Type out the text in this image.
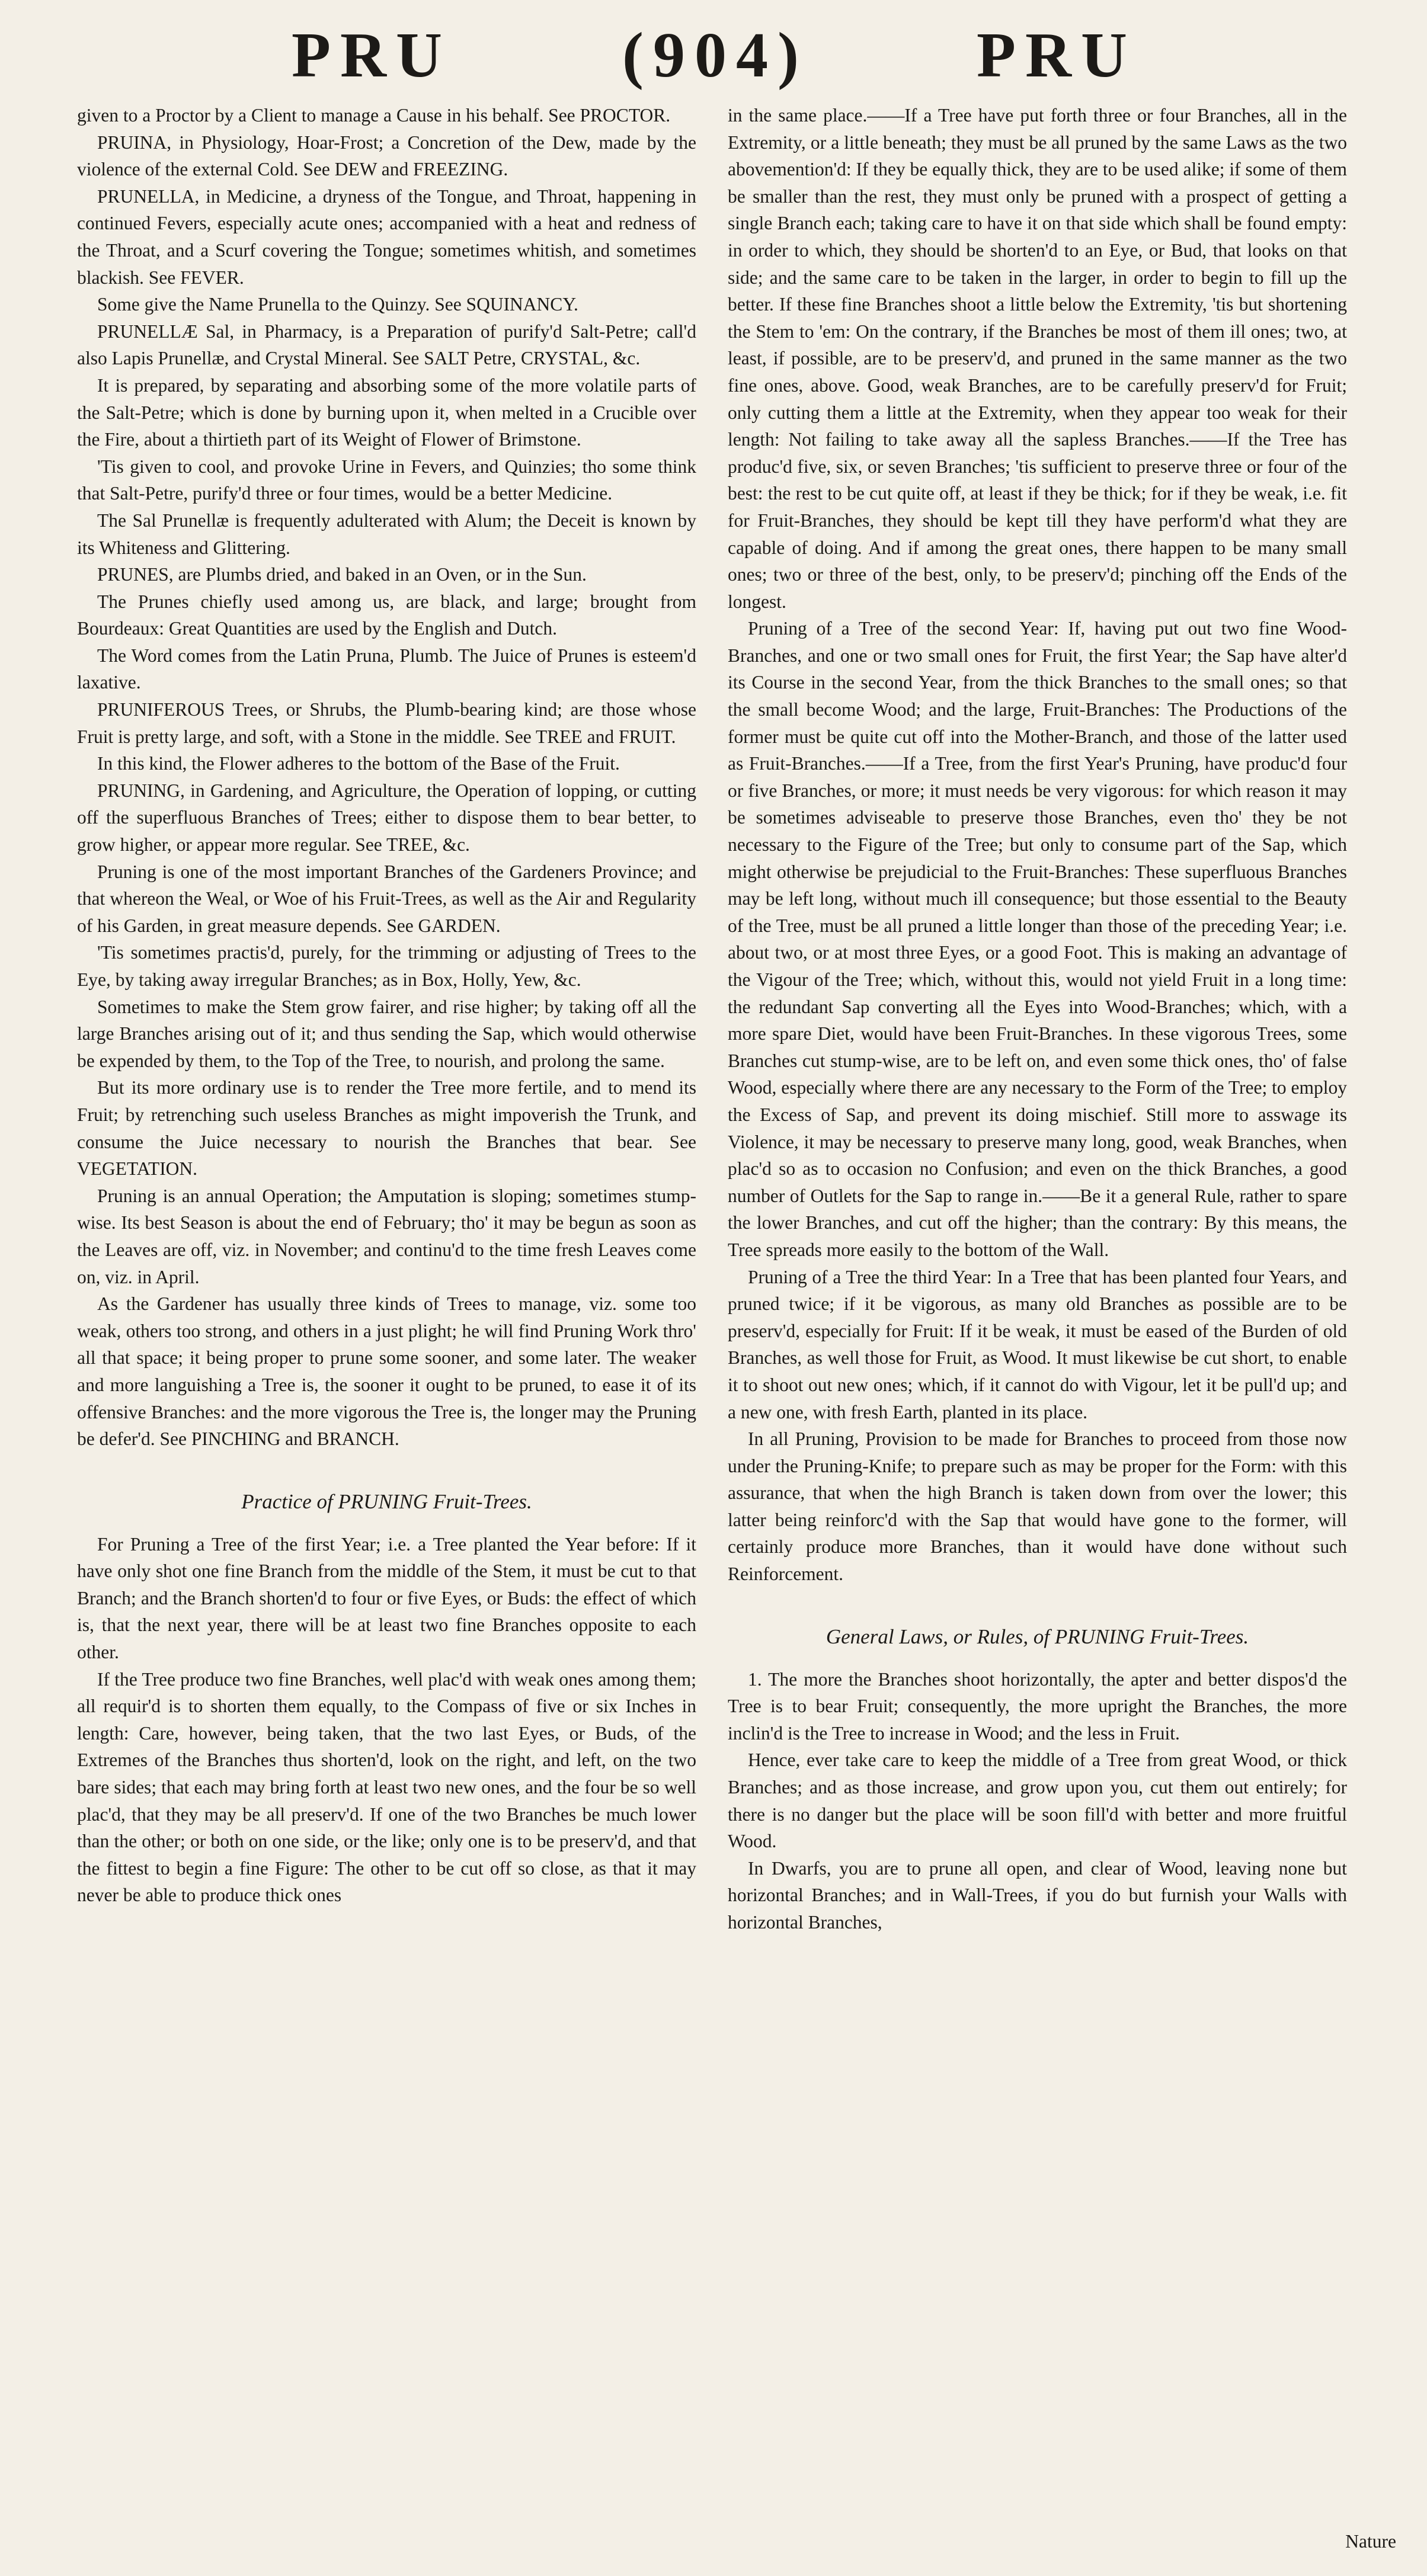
PRU	(904)	PRU

given to a Proctor by a Client to manage a Cause in his behalf. See PROCTOR.

PRUINA, in Physiology, Hoar-Frost; a Concretion of the Dew, made by the violence of the external Cold. See DEW and FREEZING.

PRUNELLA, in Medicine, a dryness of the Tongue, and Throat, happening in continued Fevers, especially acute ones; accompanied with a heat and redness of the Throat, and a Scurf covering the Tongue; sometimes whitish, and sometimes blackish. See FEVER.

Some give the Name Prunella to the Quinzy. See SQUINANCY.

PRUNELLÆ Sal, in Pharmacy, is a Preparation of purify'd Salt-Petre; call'd also Lapis Prunellæ, and Crystal Mineral. See SALT Petre, CRYSTAL, &c.

It is prepared, by separating and absorbing some of the more volatile parts of the Salt-Petre; which is done by burning upon it, when melted in a Crucible over the Fire, about a thirtieth part of its Weight of Flower of Brimstone.

'Tis given to cool, and provoke Urine in Fevers, and Quinzies; tho some think that Salt-Petre, purify'd three or four times, would be a better Medicine.

The Sal Prunellæ is frequently adulterated with Alum; the Deceit is known by its Whiteness and Glittering.

PRUNES, are Plumbs dried, and baked in an Oven, or in the Sun.

The Prunes chiefly used among us, are black, and large; brought from Bourdeaux: Great Quantities are used by the English and Dutch.

The Word comes from the Latin Pruna, Plumb. The Juice of Prunes is esteem'd laxative.

PRUNIFEROUS Trees, or Shrubs, the Plumb-bearing kind; are those whose Fruit is pretty large, and soft, with a Stone in the middle. See TREE and FRUIT.

In this kind, the Flower adheres to the bottom of the Base of the Fruit.

PRUNING, in Gardening, and Agriculture, the Operation of lopping, or cutting off the superfluous Branches of Trees; either to dispose them to bear better, to grow higher, or appear more regular. See TREE, &c.

Pruning is one of the most important Branches of the Gardeners Province; and that whereon the Weal, or Woe of his Fruit-Trees, as well as the Air and Regularity of his Garden, in great measure depends. See GARDEN.

'Tis sometimes practis'd, purely, for the trimming or adjusting of Trees to the Eye, by taking away irregular Branches; as in Box, Holly, Yew, &c.

Sometimes to make the Stem grow fairer, and rise higher; by taking off all the large Branches arising out of it; and thus sending the Sap, which would otherwise be expended by them, to the Top of the Tree, to nourish, and prolong the same.

But its more ordinary use is to render the Tree more fertile, and to mend its Fruit; by retrenching such useless Branches as might impoverish the Trunk, and consume the Juice necessary to nourish the Branches that bear. See VEGETATION.

Pruning is an annual Operation; the Amputation is sloping; sometimes stump-wise. Its best Season is about the end of February; tho' it may be begun as soon as the Leaves are off, viz. in November; and continu'd to the time fresh Leaves come on, viz. in April.

As the Gardener has usually three kinds of Trees to manage, viz. some too weak, others too strong, and others in a just plight; he will find Pruning Work thro' all that space; it being proper to prune some sooner, and some later. The weaker and more languishing a Tree is, the sooner it ought to be pruned, to ease it of its offensive Branches: and the more vigorous the Tree is, the longer may the Pruning be defer'd. See PINCHING and BRANCH.

Practice of PRUNING Fruit-Trees.

For Pruning a Tree of the first Year; i.e. a Tree planted the Year before: If it have only shot one fine Branch from the middle of the Stem, it must be cut to that Branch; and the Branch shorten'd to four or five Eyes, or Buds: the effect of which is, that the next year, there will be at least two fine Branches opposite to each other.

If the Tree produce two fine Branches, well plac'd with weak ones among them; all requir'd is to shorten them equally, to the Compass of five or six Inches in length: Care, however, being taken, that the two last Eyes, or Buds, of the Extremes of the Branches thus shorten'd, look on the right, and left, on the two bare sides; that each may bring forth at least two new ones, and the four be so well plac'd, that they may be all preserv'd. If one of the two Branches be much lower than the other; or both on one side, or the like; only one is to be preserv'd, and that the fittest to begin a fine Figure: The other to be cut off so close, as that it may never be able to produce thick ones

in the same place.——If a Tree have put forth three or four Branches, all in the Extremity, or a little beneath; they must be all pruned by the same Laws as the two abovemention'd: If they be equally thick, they are to be used alike; if some of them be smaller than the rest, they must only be pruned with a prospect of getting a single Branch each; taking care to have it on that side which shall be found empty: in order to which, they should be shorten'd to an Eye, or Bud, that looks on that side; and the same care to be taken in the larger, in order to begin to fill up the better. If these fine Branches shoot a little below the Extremity, 'tis but shortening the Stem to 'em: On the contrary, if the Branches be most of them ill ones; two, at least, if possible, are to be preserv'd, and pruned in the same manner as the two fine ones, above. Good, weak Branches, are to be carefully preserv'd for Fruit; only cutting them a little at the Extremity, when they appear too weak for their length: Not failing to take away all the sapless Branches.——If the Tree has produc'd five, six, or seven Branches; 'tis sufficient to preserve three or four of the best: the rest to be cut quite off, at least if they be thick; for if they be weak, i.e. fit for Fruit-Branches, they should be kept till they have perform'd what they are capable of doing. And if among the great ones, there happen to be many small ones; two or three of the best, only, to be preserv'd; pinching off the Ends of the longest.

Pruning of a Tree of the second Year: If, having put out two fine Wood-Branches, and one or two small ones for Fruit, the first Year; the Sap have alter'd its Course in the second Year, from the thick Branches to the small ones; so that the small become Wood; and the large, Fruit-Branches: The Productions of the former must be quite cut off into the Mother-Branch, and those of the latter used as Fruit-Branches.——If a Tree, from the first Year's Pruning, have produc'd four or five Branches, or more; it must needs be very vigorous: for which reason it may be sometimes adviseable to preserve those Branches, even tho' they be not necessary to the Figure of the Tree; but only to consume part of the Sap, which might otherwise be prejudicial to the Fruit-Branches: These superfluous Branches may be left long, without much ill consequence; but those essential to the Beauty of the Tree, must be all pruned a little longer than those of the preceding Year; i.e. about two, or at most three Eyes, or a good Foot. This is making an advantage of the Vigour of the Tree; which, without this, would not yield Fruit in a long time: the redundant Sap converting all the Eyes into Wood-Branches; which, with a more spare Diet, would have been Fruit-Branches. In these vigorous Trees, some Branches cut stump-wise, are to be left on, and even some thick ones, tho' of false Wood, especially where there are any necessary to the Form of the Tree; to employ the Excess of Sap, and prevent its doing mischief. Still more to asswage its Violence, it may be necessary to preserve many long, good, weak Branches, when plac'd so as to occasion no Confusion; and even on the thick Branches, a good number of Outlets for the Sap to range in.——Be it a general Rule, rather to spare the lower Branches, and cut off the higher; than the contrary: By this means, the Tree spreads more easily to the bottom of the Wall.

Pruning of a Tree the third Year: In a Tree that has been planted four Years, and pruned twice; if it be vigorous, as many old Branches as possible are to be preserv'd, especially for Fruit: If it be weak, it must be eased of the Burden of old Branches, as well those for Fruit, as Wood. It must likewise be cut short, to enable it to shoot out new ones; which, if it cannot do with Vigour, let it be pull'd up; and a new one, with fresh Earth, planted in its place.

In all Pruning, Provision to be made for Branches to proceed from those now under the Pruning-Knife; to prepare such as may be proper for the Form: with this assurance, that when the high Branch is taken down from over the lower; this latter being reinforc'd with the Sap that would have gone to the former, will certainly produce more Branches, than it would have done without such Reinforcement.

General Laws, or Rules, of PRUNING Fruit-Trees.

1. The more the Branches shoot horizontally, the apter and better dispos'd the Tree is to bear Fruit; consequently, the more upright the Branches, the more inclin'd is the Tree to increase in Wood; and the less in Fruit.

Hence, ever take care to keep the middle of a Tree from great Wood, or thick Branches; and as those increase, and grow upon you, cut them out entirely; for there is no danger but the place will be soon fill'd with better and more fruitful Wood.

In Dwarfs, you are to prune all open, and clear of Wood, leaving none but horizontal Branches; and in Wall-Trees, if you do but furnish your Walls with horizontal Branches,

Nature
